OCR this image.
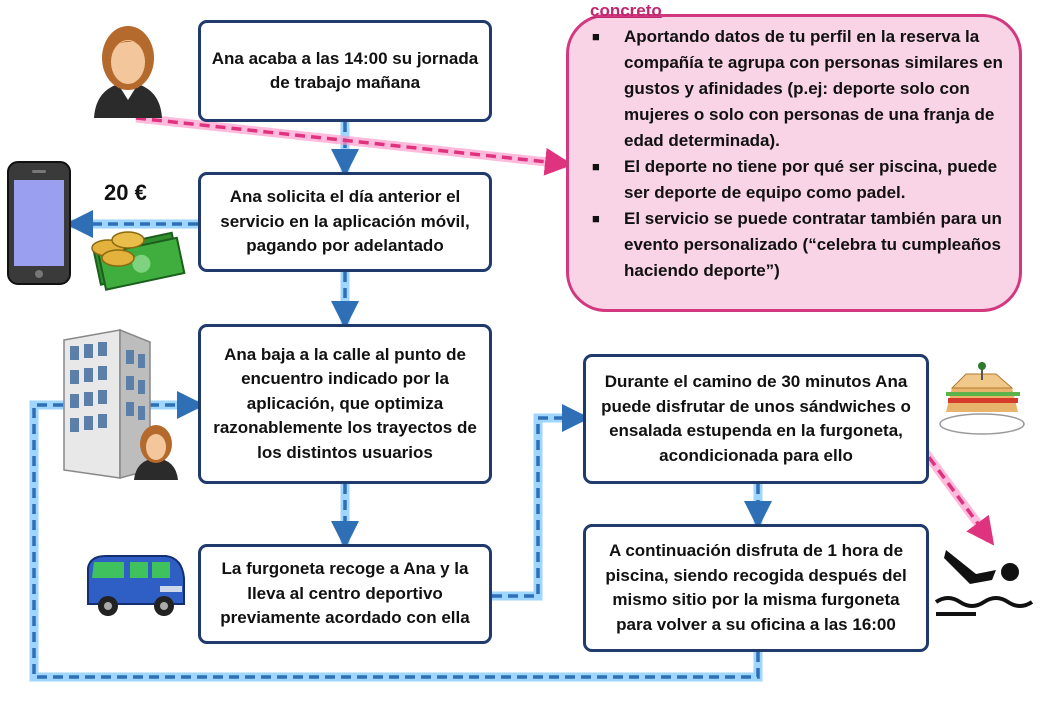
20 €
Ana acaba a las 14:00 su jornada de trabajo mañana
Ana solicita el día anterior el servicio en la aplicación móvil, pagando por adelantado
Ana baja a la calle al punto de encuentro indicado por la aplicación, que optimiza razonablemente los trayectos de los distintos usuarios
La furgoneta recoge a Ana y la lleva al centro deportivo previamente acordado con ella
Durante el camino de 30 minutos Ana puede disfrutar de unos sándwiches o ensalada estupenda en la furgoneta, acondicionada para ello
A continuación disfruta de 1 hora de piscina, siendo recogida después del mismo sitio por la misma furgoneta para volver a su oficina a las 16:00
concreto
■	Aportando datos de tu perfil en la reserva la compañía te agrupa con personas similares en gustos y afinidades (p.ej: deporte solo con mujeres o solo con personas de una franja de edad determinada).
■	El deporte no tiene por qué ser piscina, puede ser deporte de equipo como padel.
■	El servicio se puede contratar también para un evento personalizado (“celebra tu cumpleaños haciendo deporte”)
